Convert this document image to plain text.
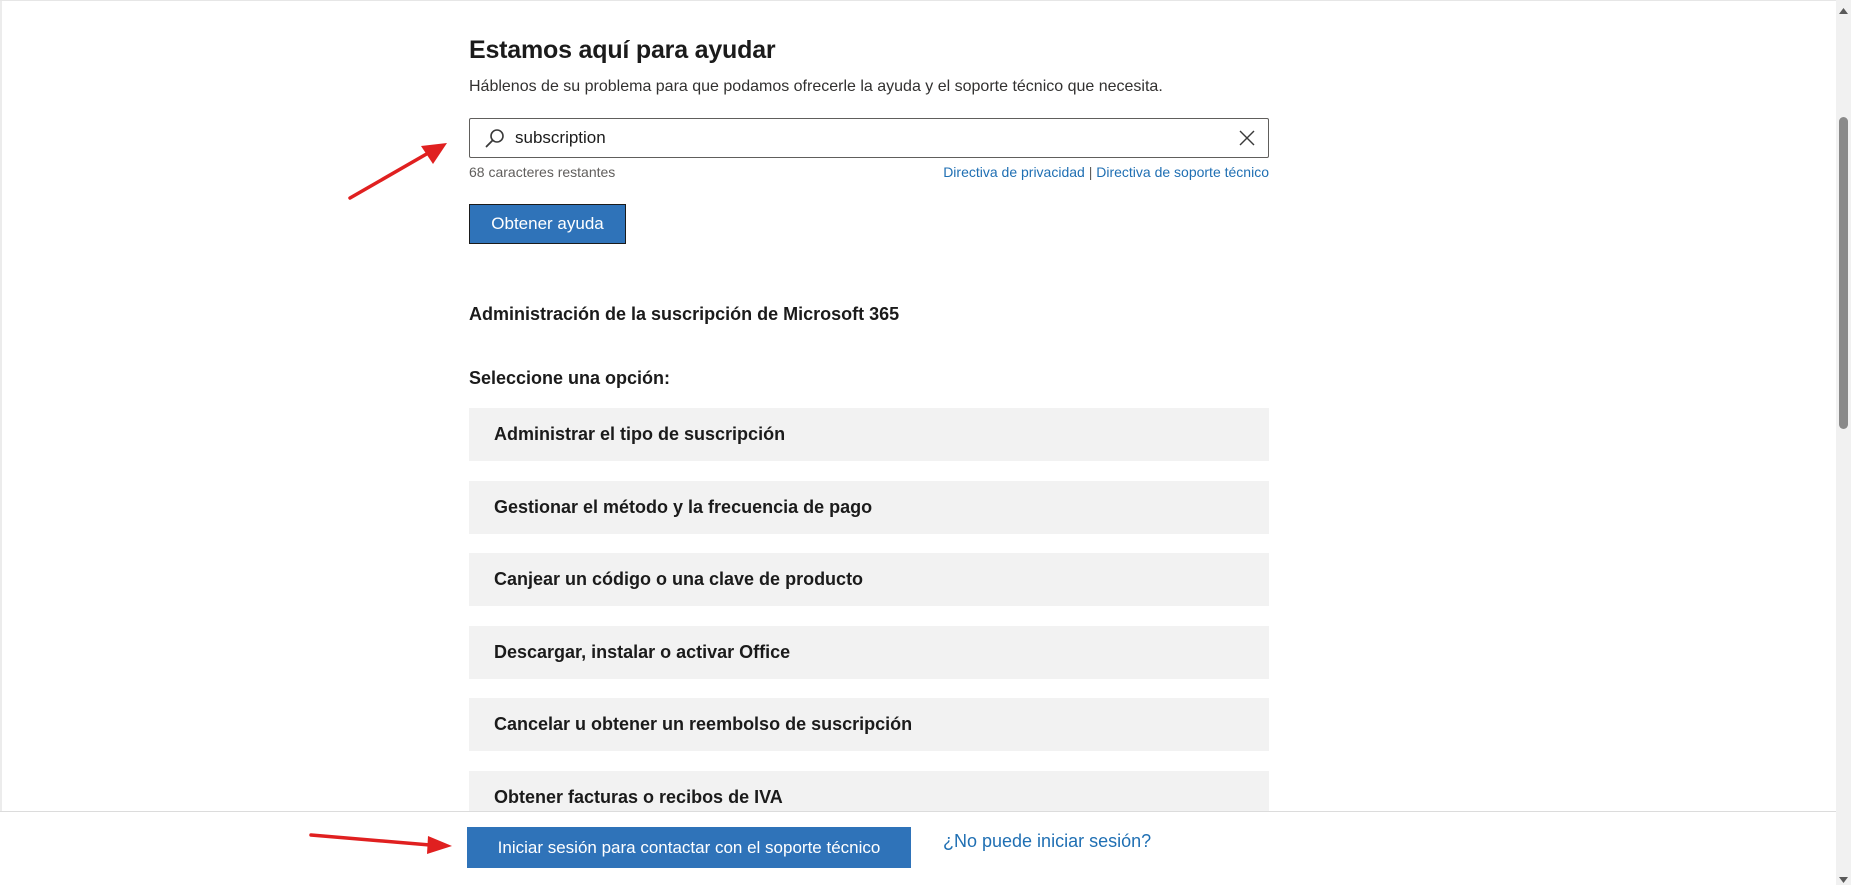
Estamos aquí para ayudar

Háblenos de su problema para que podamos ofrecerle la ayuda y el soporte técnico que necesita.

subscription
68 caracteres restantes	Directiva de privacidad | Directiva de soporte técnico
Obtener ayuda
Administración de la suscripción de Microsoft 365
Seleccione una opción:
Administrar el tipo de suscripción
Gestionar el método y la frecuencia de pago
Canjear un código o una clave de producto
Descargar, instalar o activar Office
Cancelar u obtener un reembolso de suscripción
Obtener facturas o recibos de IVA
Iniciar sesión para contactar con el soporte técnico	¿No puede iniciar sesión?
